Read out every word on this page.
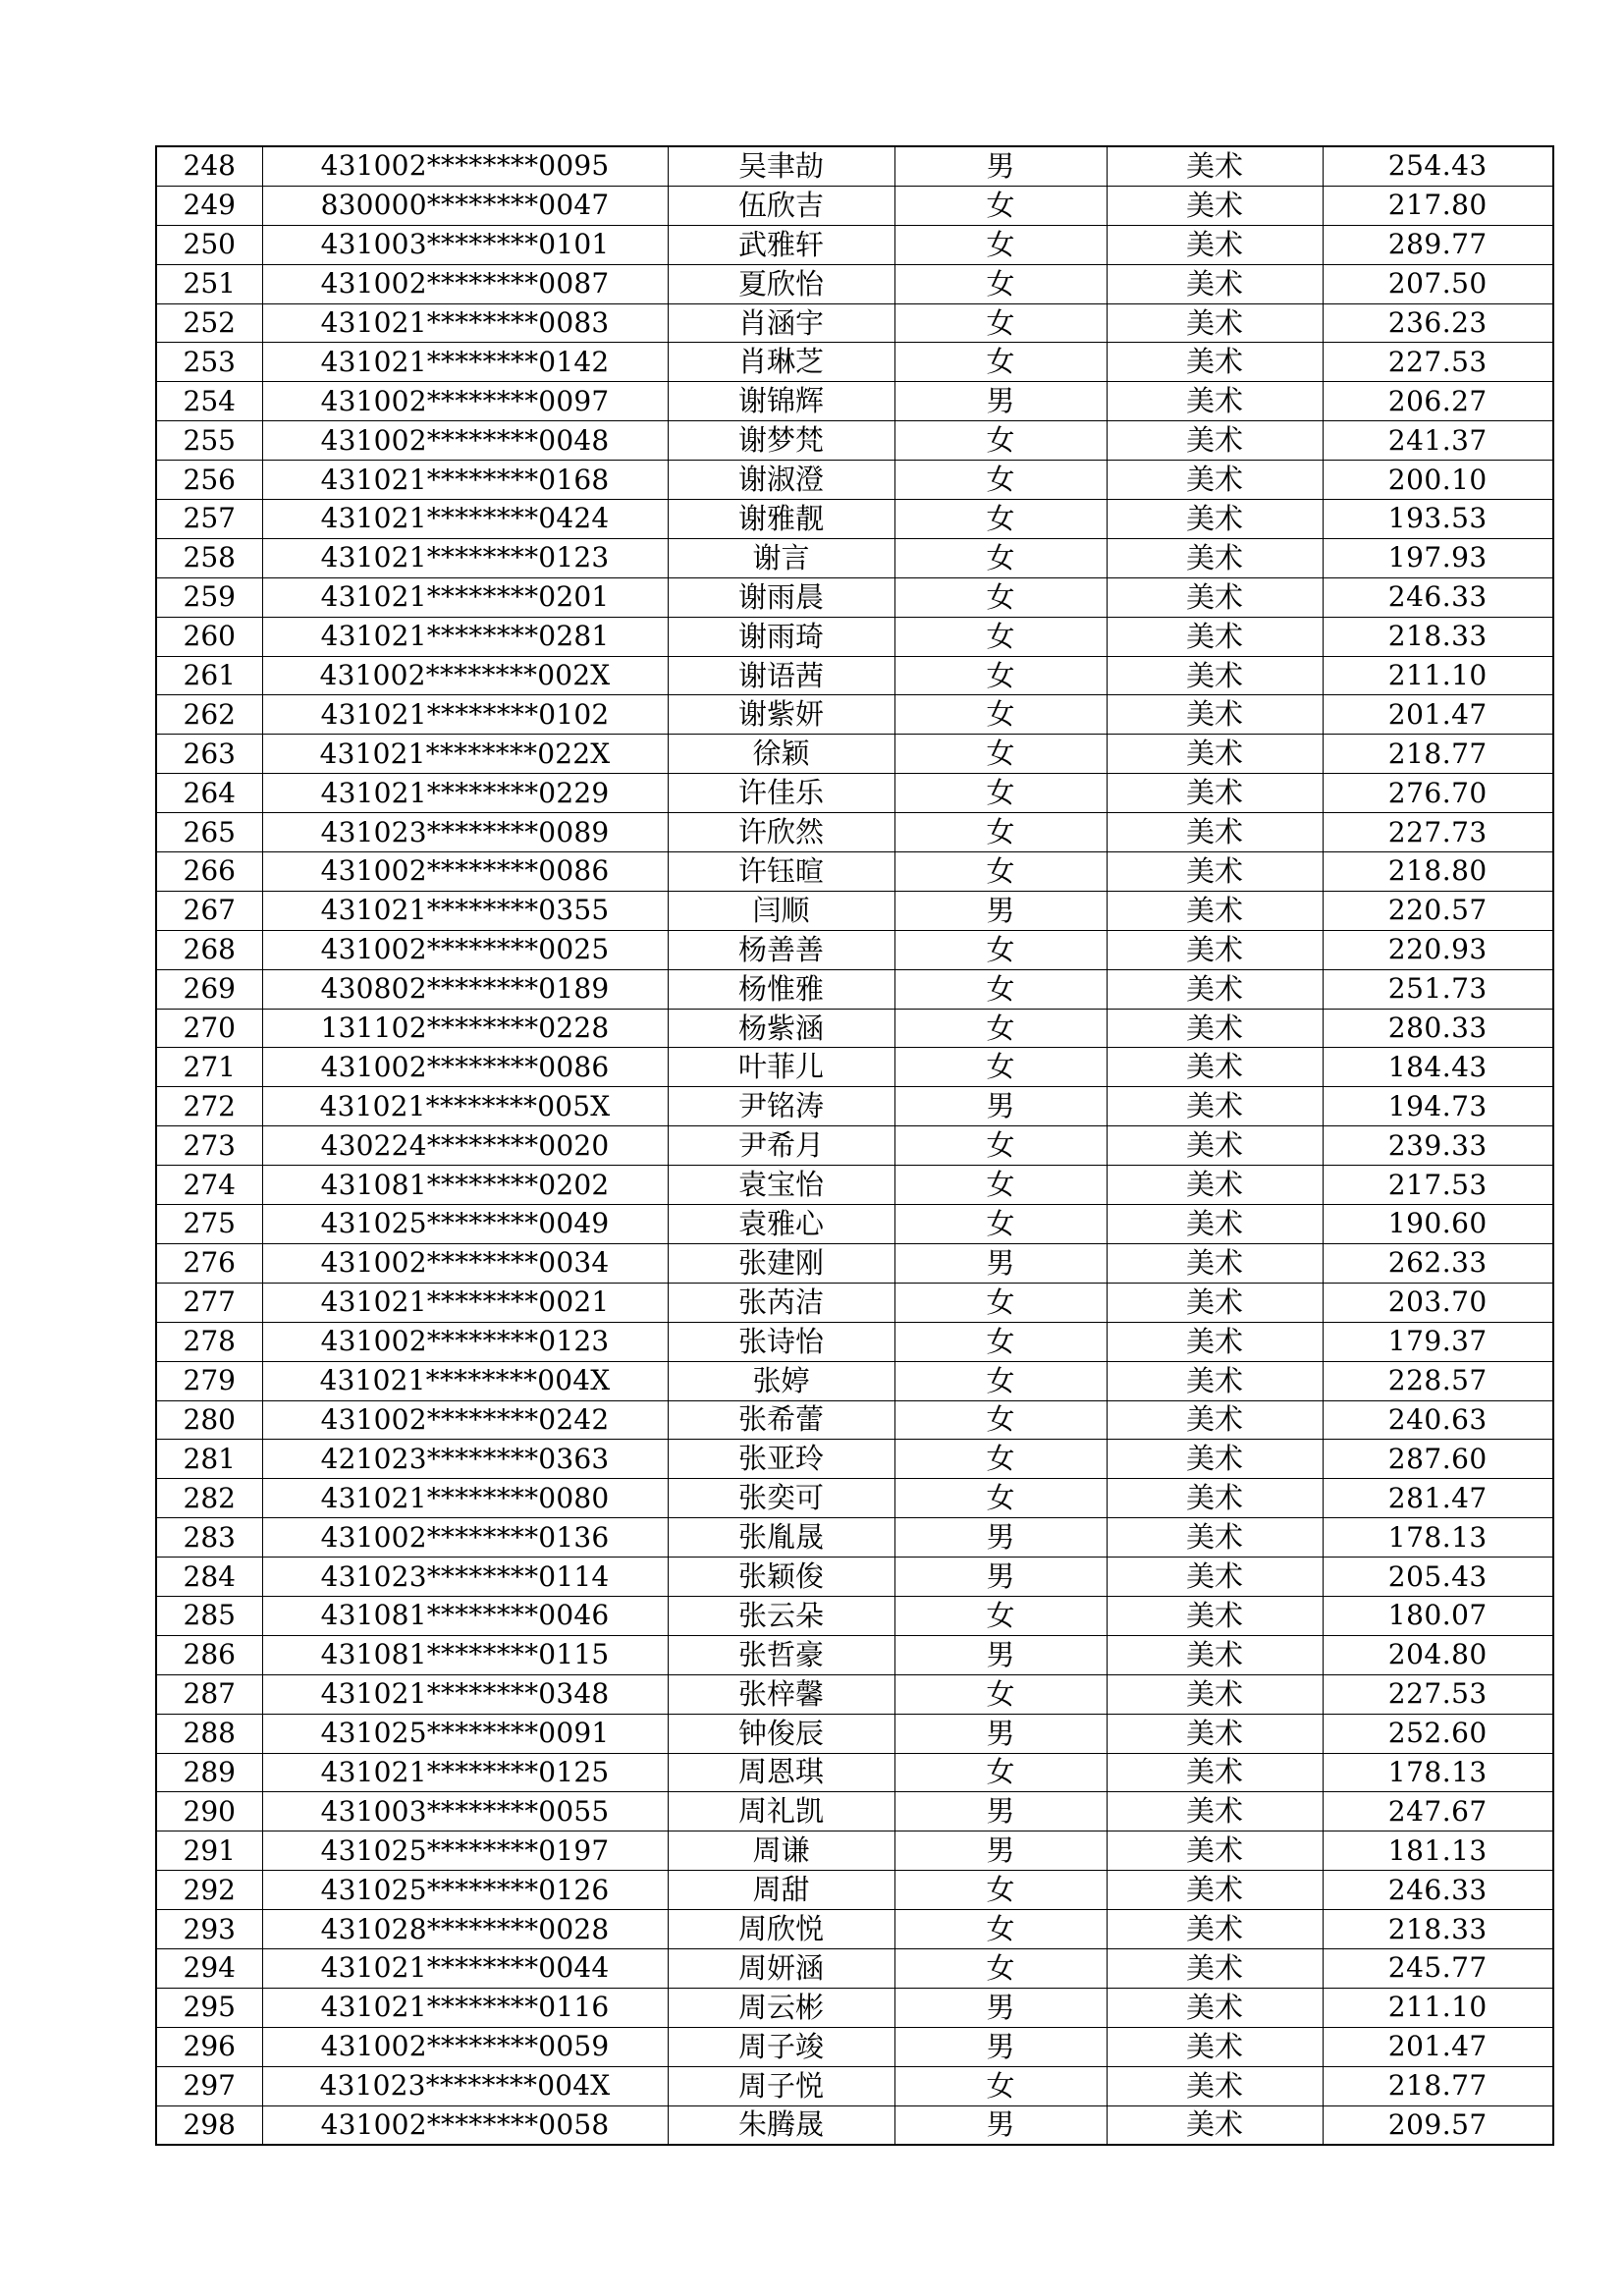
248	431002********0095	吴聿劼	男	美术	254.43
249	830000********0047	伍欣吉	女	美术	217.80
250	431003********0101	武雅轩	女	美术	289.77
251	431002********0087	夏欣怡	女	美术	207.50
252	431021********0083	肖涵宇	女	美术	236.23
253	431021********0142	肖琳芝	女	美术	227.53
254	431002********0097	谢锦辉	男	美术	206.27
255	431002********0048	谢梦梵	女	美术	241.37
256	431021********0168	谢淑澄	女	美术	200.10
257	431021********0424	谢雅靓	女	美术	193.53
258	431021********0123	谢言	女	美术	197.93
259	431021********0201	谢雨晨	女	美术	246.33
260	431021********0281	谢雨琦	女	美术	218.33
261	431002********002X	谢语茜	女	美术	211.10
262	431021********0102	谢紫妍	女	美术	201.47
263	431021********022X	徐颖	女	美术	218.77
264	431021********0229	许佳乐	女	美术	276.70
265	431023********0089	许欣然	女	美术	227.73
266	431002********0086	许钰暄	女	美术	218.80
267	431021********0355	闫顺	男	美术	220.57
268	431002********0025	杨善善	女	美术	220.93
269	430802********0189	杨惟雅	女	美术	251.73
270	131102********0228	杨紫涵	女	美术	280.33
271	431002********0086	叶菲儿	女	美术	184.43
272	431021********005X	尹铭涛	男	美术	194.73
273	430224********0020	尹希月	女	美术	239.33
274	431081********0202	袁宝怡	女	美术	217.53
275	431025********0049	袁雅心	女	美术	190.60
276	431002********0034	张建刚	男	美术	262.33
277	431021********0021	张芮洁	女	美术	203.70
278	431002********0123	张诗怡	女	美术	179.37
279	431021********004X	张婷	女	美术	228.57
280	431002********0242	张希蕾	女	美术	240.63
281	421023********0363	张亚玲	女	美术	287.60
282	431021********0080	张奕可	女	美术	281.47
283	431002********0136	张胤晟	男	美术	178.13
284	431023********0114	张颖俊	男	美术	205.43
285	431081********0046	张云朵	女	美术	180.07
286	431081********0115	张哲豪	男	美术	204.80
287	431021********0348	张梓馨	女	美术	227.53
288	431025********0091	钟俊辰	男	美术	252.60
289	431021********0125	周恩琪	女	美术	178.13
290	431003********0055	周礼凯	男	美术	247.67
291	431025********0197	周谦	男	美术	181.13
292	431025********0126	周甜	女	美术	246.33
293	431028********0028	周欣悦	女	美术	218.33
294	431021********0044	周妍涵	女	美术	245.77
295	431021********0116	周云彬	男	美术	211.10
296	431002********0059	周子竣	男	美术	201.47
297	431023********004X	周子悦	女	美术	218.77
298	431002********0058	朱腾晟	男	美术	209.57
